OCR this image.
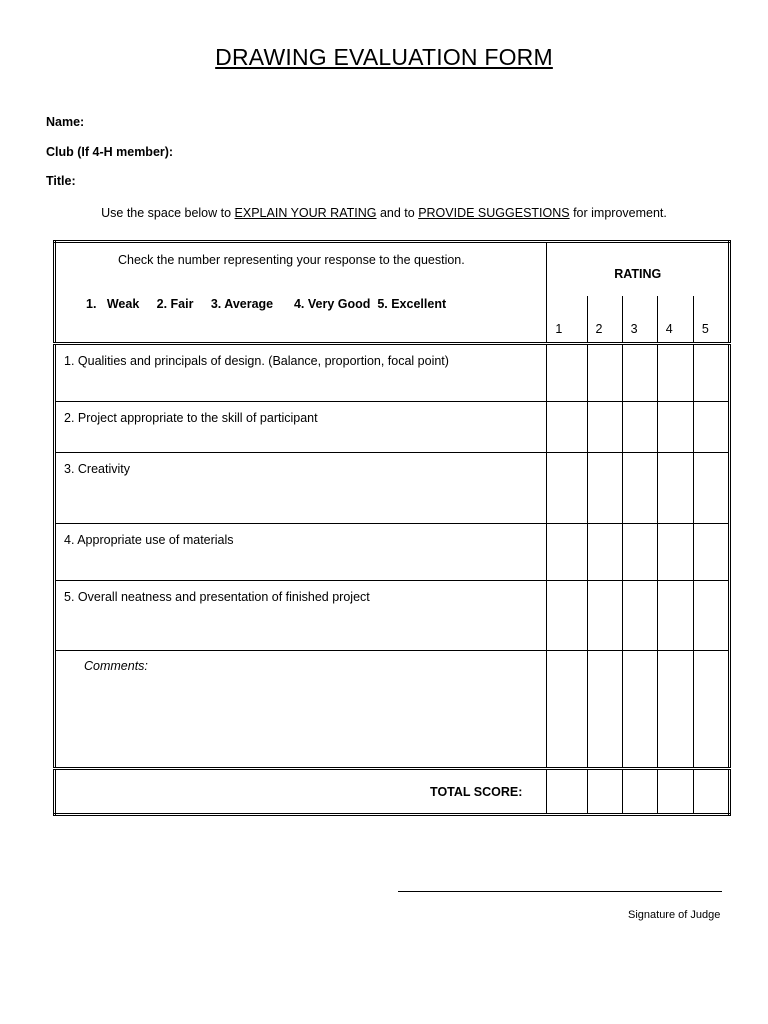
DRAWING EVALUATION FORM
Name:
Club (If 4-H member):
Title:
Use the space below to EXPLAIN YOUR RATING and to PROVIDE SUGGESTIONS for improvement.
Check the number representing your response to the question.
1.   Weak     2. Fair     3. Average      4. Very Good  5. Excellent	RATING				

	1	2	3	4	5

1. Qualities and principals of design. (Balance, proportion, focal point)					

2. Project appropriate to the skill of participant					

3. Creativity					

4. Appropriate use of materials					

5. Overall neatness and presentation of finished project					

Comments:					

TOTAL SCORE:					
Signature of Judge
